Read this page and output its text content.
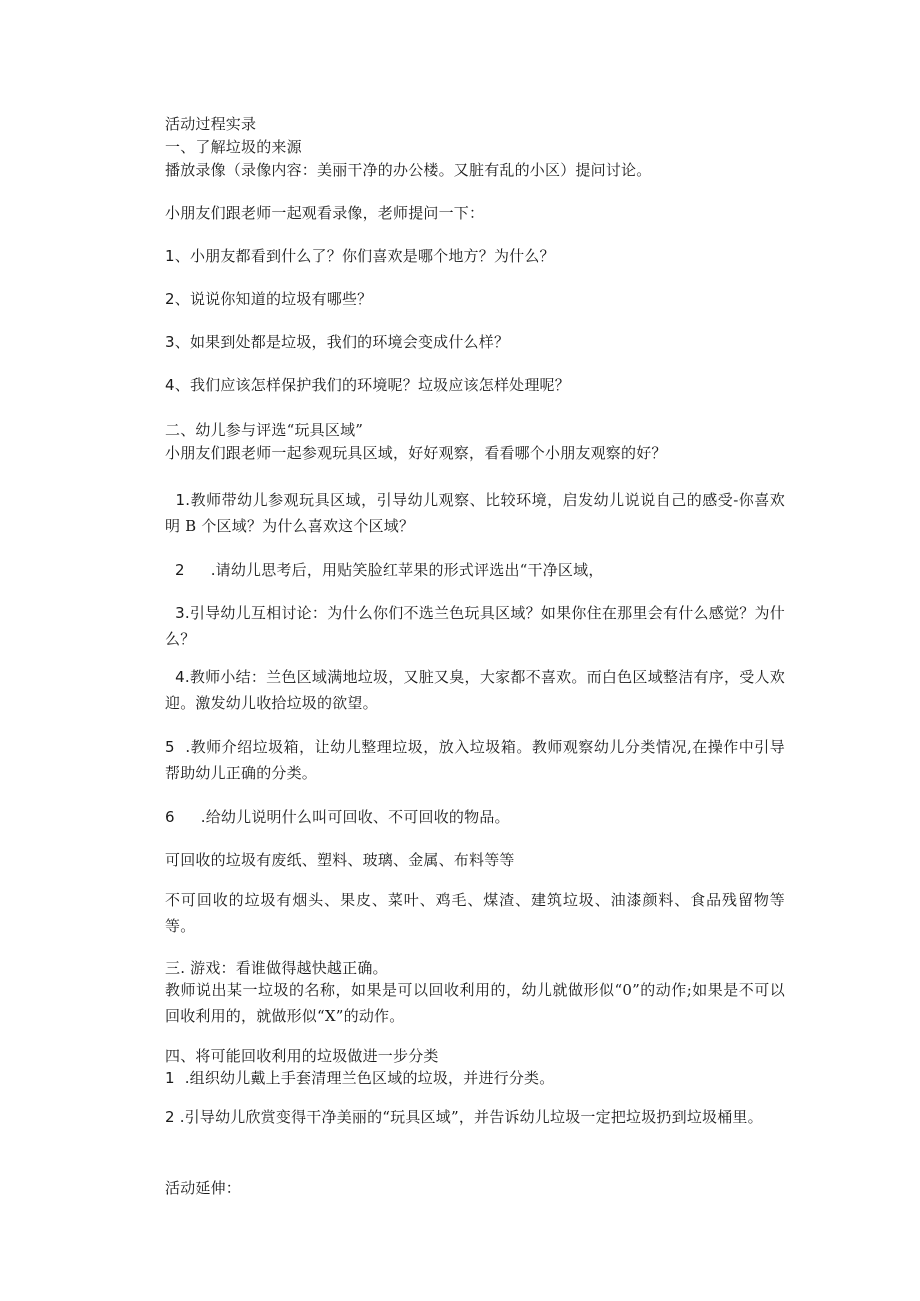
活动过程实录
一、了解垃圾的来源
播放录像（录像内容：美丽干净的办公楼。又脏有乱的小区）提问讨论。
小朋友们跟老师一起观看录像，老师提问一下：
1、小朋友都看到什么了？你们喜欢是哪个地方？为什么？
2、说说你知道的垃圾有哪些？
3、如果到处都是垃圾，我们的环境会变成什么样？
4、我们应该怎样保护我们的环境呢？垃圾应该怎样处理呢？
二、幼儿参与评选“玩具区域”
小朋友们跟老师一起参观玩具区域，好好观察，看看哪个小朋友观察的好？
1.教师带幼儿参观玩具区域，引导幼儿观察、比较环境，启发幼儿说说自己的感受-你喜欢明 B 个区域？为什么喜欢这个区域？
2 .请幼儿思考后，用贴笑脸红苹果的形式评选出“干净区域，
3.引导幼儿互相讨论：为什么你们不选兰色玩具区域？如果你住在那里会有什么感觉？为什么？
4.教师小结：兰色区域满地垃圾，又脏又臭，大家都不喜欢。而白色区域整洁有序，受人欢迎。激发幼儿收拾垃圾的欲望。
5 .教师介绍垃圾箱，让幼儿整理垃圾，放入垃圾箱。教师观察幼儿分类情况,在操作中引导帮助幼儿正确的分类。
6 .给幼儿说明什么叫可回收、不可回收的物品。
可回收的垃圾有废纸、塑料、玻璃、金属、布料等等
不可回收的垃圾有烟头、果皮、菜叶、鸡毛、煤渣、建筑垃圾、油漆颜料、食品残留物等等。
三. 游戏：看谁做得越快越正确。
教师说出某一垃圾的名称，如果是可以回收利用的，幼儿就做形似“0”的动作;如果是不可以回收利用的，就做形似“X”的动作。
四、将可能回收利用的垃圾做进一步分类
1 .组织幼儿戴上手套清理兰色区域的垃圾，并进行分类。
2 .引导幼儿欣赏变得干净美丽的“玩具区域”，并告诉幼儿垃圾一定把垃圾扔到垃圾桶里。
活动延伸：
